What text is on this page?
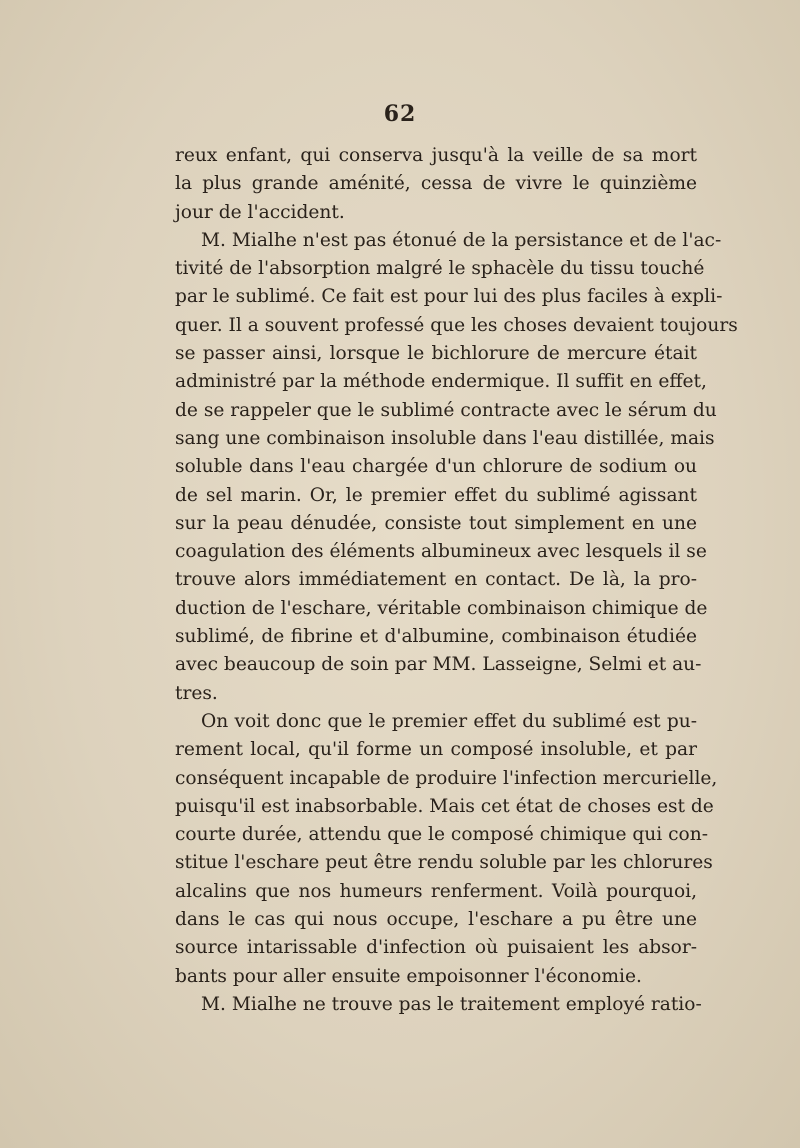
62
reux enfant, qui conserva jusqu'à la veille de sa mort
la plus grande aménité, cessa de vivre le quinzième
jour de l'accident.
M. Mialhe n'est pas étonué de la persistance et de l'ac-
tivité de l'absorption malgré le sphacèle du tissu touché
par le sublimé. Ce fait est pour lui des plus faciles à expli-
quer. Il a souvent professé que les choses devaient toujours
se passer ainsi, lorsque le bichlorure de mercure était
administré par la méthode endermique. Il suffit en effet,
de se rappeler que le sublimé contracte avec le sérum du
sang une combinaison insoluble dans l'eau distillée, mais
soluble dans l'eau chargée d'un chlorure de sodium ou
de sel marin. Or, le premier effet du sublimé agissant
sur la peau dénudée, consiste tout simplement en une
coagulation des éléments albumineux avec lesquels il se
trouve alors immédiatement en contact. De là, la pro-
duction de l'eschare, véritable combinaison chimique de
sublimé, de fibrine et d'albumine, combinaison étudiée
avec beaucoup de soin par MM. Lasseigne, Selmi et au-
tres.
On voit donc que le premier effet du sublimé est pu-
rement local, qu'il forme un composé insoluble, et par
conséquent incapable de produire l'infection mercurielle,
puisqu'il est inabsorbable. Mais cet état de choses est de
courte durée, attendu que le composé chimique qui con-
stitue l'eschare peut être rendu soluble par les chlorures
alcalins que nos humeurs renferment. Voilà pourquoi,
dans le cas qui nous occupe, l'eschare a pu être une
source intarissable d'infection où puisaient les absor-
bants pour aller ensuite empoisonner l'économie.
M. Mialhe ne trouve pas le traitement employé ratio-
